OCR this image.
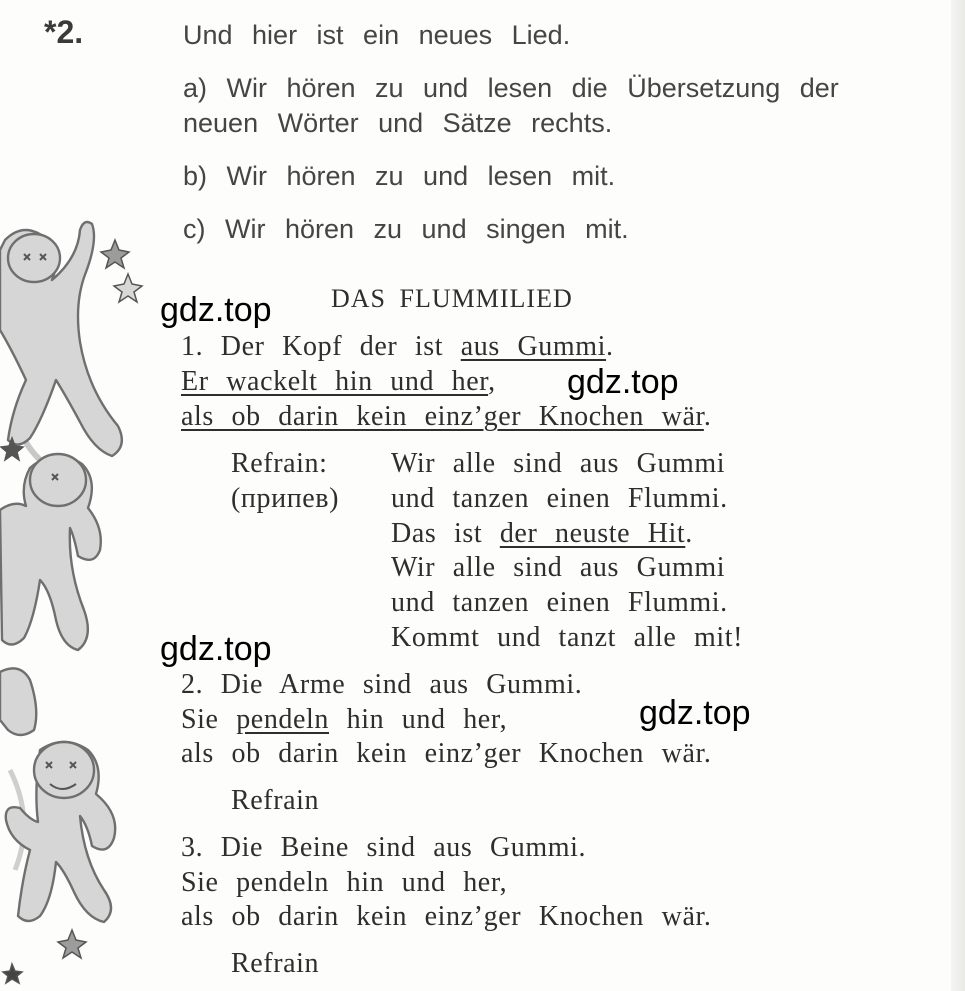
*2.	Und hier ist ein neues Lied.
a) Wir hören zu und lesen die Übersetzung der
neuen Wörter und Sätze rechts.
b) Wir hören zu und lesen mit.
c) Wir hören zu und singen mit.
DAS FLUMMILIED
1. Der Kopf der ist aus Gummi.
Er wackelt hin und her,
als ob darin kein einz’ger Knochen wär.
Refrain:
(припев)
Wir alle sind aus Gummi
und tanzen einen Flummi.
Das ist der neuste Hit.
Wir alle sind aus Gummi
und tanzen einen Flummi.
Kommt und tanzt alle mit!
2. Die Arme sind aus Gummi.
Sie pendeln hin und her,
als ob darin kein einz’ger Knochen wär.
Refrain
3. Die Beine sind aus Gummi.
Sie pendeln hin und her,
als ob darin kein einz’ger Knochen wär.
Refrain
gdz.top
gdz.top
gdz.top
gdz.top
